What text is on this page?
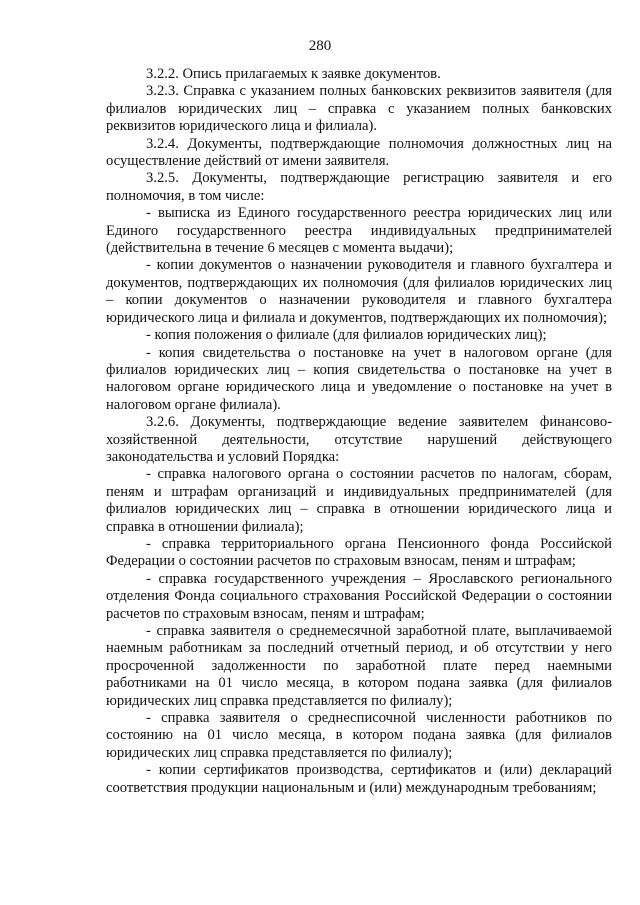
280

3.2.2. Опись прилагаемых к заявке документов.

3.2.3. Справка с указанием полных банковских реквизитов заявителя (для филиалов юридических лиц – справка с указанием полных банковских реквизитов юридического лица и филиала).

3.2.4. Документы, подтверждающие полномочия должностных лиц на осуществление действий от имени заявителя.

3.2.5. Документы, подтверждающие регистрацию заявителя и его полномочия, в том числе:

- выписка из Единого государственного реестра юридических лиц или Единого государственного реестра индивидуальных предпринимателей (действительна в течение 6 месяцев с момента выдачи);

- копии документов о назначении руководителя и главного бухгалтера и документов, подтверждающих их полномочия (для филиалов юридических лиц – копии документов о назначении руководителя и главного бухгалтера юридического лица и филиала и документов, подтверждающих их полномочия);

- копия положения о филиале (для филиалов юридических лиц);

- копия свидетельства о постановке на учет в налоговом органе (для филиалов юридических лиц – копия свидетельства о постановке на учет в налоговом органе юридического лица и уведомление о постановке на учет в налоговом органе филиала).

3.2.6. Документы, подтверждающие ведение заявителем финансово-хозяйственной деятельности, отсутствие нарушений действующего законодательства и условий Порядка:

- справка налогового органа о состоянии расчетов по налогам, сборам, пеням и штрафам организаций и индивидуальных предпринимателей (для филиалов юридических лиц – справка в отношении юридического лица и справка в отношении филиала);

- справка территориального органа Пенсионного фонда Российской Федерации о состоянии расчетов по страховым взносам, пеням и штрафам;

- справка государственного учреждения – Ярославского регионального отделения Фонда социального страхования Российской Федерации о состоянии расчетов по страховым взносам, пеням и штрафам;

- справка заявителя о среднемесячной заработной плате, выплачиваемой наемным работникам за последний отчетный период, и об отсутствии у него просроченной задолженности по заработной плате перед наемными работниками на 01 число месяца, в котором подана заявка (для филиалов юридических лиц справка представляется по филиалу);

- справка заявителя о среднесписочной численности работников по состоянию на 01 число месяца, в котором подана заявка (для филиалов юридических лиц справка представляется по филиалу);

- копии сертификатов производства, сертификатов и (или) деклараций соответствия продукции национальным и (или) международным требованиям;
